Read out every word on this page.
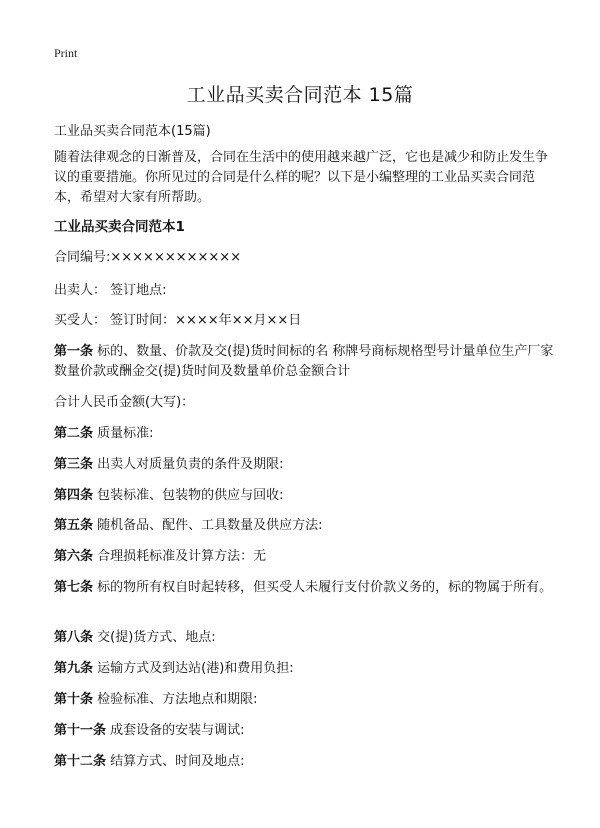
Print
工业品买卖合同范本 15篇
工业品买卖合同范本(15篇)
随着法律观念的日渐普及，合同在生活中的使用越来越广泛，它也是减少和防止发生争议的重要措施。你所见过的合同是什么样的呢？以下是小编整理的工业品买卖合同范本，希望对大家有所帮助。
工业品买卖合同范本1
合同编号:××××××××××××
出卖人： 签订地点:
买受人： 签订时间：××××年××月××日
第一条 标的、数量、价款及交(提)货时间标的名 称牌号商标规格型号计量单位生产厂家数量价款或酬金交(提)货时间及数量单价总金额合计
合计人民币金额(大写)：
第二条 质量标准:
第三条 出卖人对质量负责的条件及期限:
第四条 包装标准、包装物的供应与回收:
第五条 随机备品、配件、工具数量及供应方法:
第六条 合理损耗标准及计算方法：无
第七条 标的物所有权自时起转移，但买受人未履行支付价款义务的，标的物属于所有。
第八条 交(提)货方式、地点:
第九条 运输方式及到达站(港)和费用负担:
第十条 检验标准、方法地点和期限:
第十一条 成套设备的安装与调试:
第十二条 结算方式、时间及地点:
